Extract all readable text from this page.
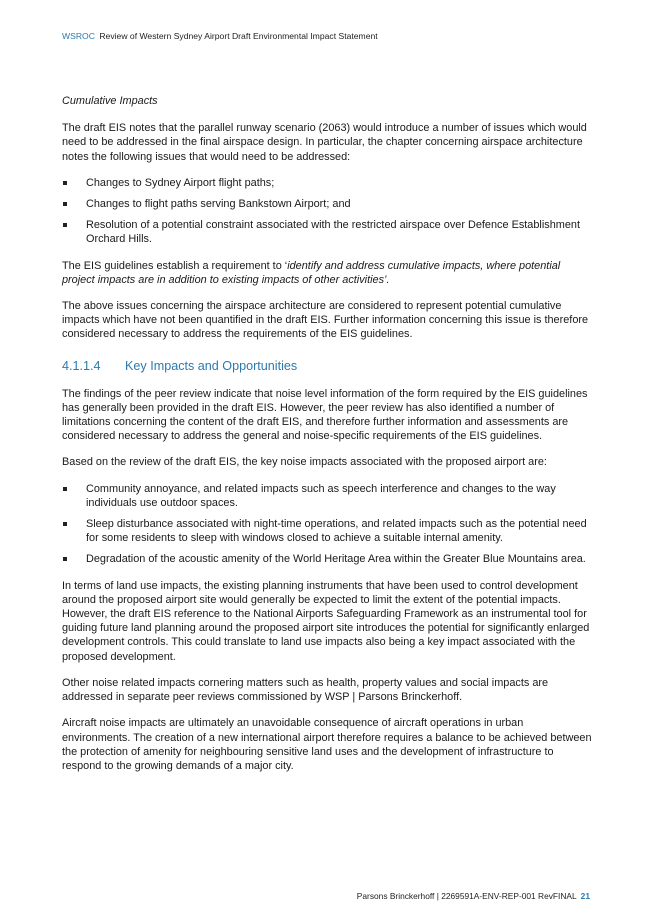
WSROC Review of Western Sydney Airport Draft Environmental Impact Statement

Cumulative Impacts

The draft EIS notes that the parallel runway scenario (2063) would introduce a number of issues which would need to be addressed in the final airspace design. In particular, the chapter concerning airspace architecture notes the following issues that would need to be addressed:

Changes to Sydney Airport flight paths;
Changes to flight paths serving Bankstown Airport; and
Resolution of a potential constraint associated with the restricted airspace over Defence Establishment Orchard Hills.

The EIS guidelines establish a requirement to ‘identify and address cumulative impacts, where potential project impacts are in addition to existing impacts of other activities’.

The above issues concerning the airspace architecture are considered to represent potential cumulative impacts which have not been quantified in the draft EIS. Further information concerning this issue is therefore considered necessary to address the requirements of the EIS guidelines.

4.1.1.4 Key Impacts and Opportunities

The findings of the peer review indicate that noise level information of the form required by the EIS guidelines has generally been provided in the draft EIS. However, the peer review has also identified a number of limitations concerning the content of the draft EIS, and therefore further information and assessments are considered necessary to address the general and noise-specific requirements of the EIS guidelines.

Based on the review of the draft EIS, the key noise impacts associated with the proposed airport are:

Community annoyance, and related impacts such as speech interference and changes to the way individuals use outdoor spaces.
Sleep disturbance associated with night-time operations, and related impacts such as the potential need for some residents to sleep with windows closed to achieve a suitable internal amenity.
Degradation of the acoustic amenity of the World Heritage Area within the Greater Blue Mountains area.

In terms of land use impacts, the existing planning instruments that have been used to control development around the proposed airport site would generally be expected to limit the extent of the potential impacts. However, the draft EIS reference to the National Airports Safeguarding Framework as an instrumental tool for guiding future land planning around the proposed airport site introduces the potential for significantly enlarged development controls. This could translate to land use impacts also being a key impact associated with the proposed development.

Other noise related impacts cornering matters such as health, property values and social impacts are addressed in separate peer reviews commissioned by WSP | Parsons Brinckerhoff.

Aircraft noise impacts are ultimately an unavoidable consequence of aircraft operations in urban environments. The creation of a new international airport therefore requires a balance to be achieved between the protection of amenity for neighbouring sensitive land uses and the development of infrastructure to respond to the growing demands of a major city.

Parsons Brinckerhoff | 2269591A-ENV-REP-001 RevFINAL 21
